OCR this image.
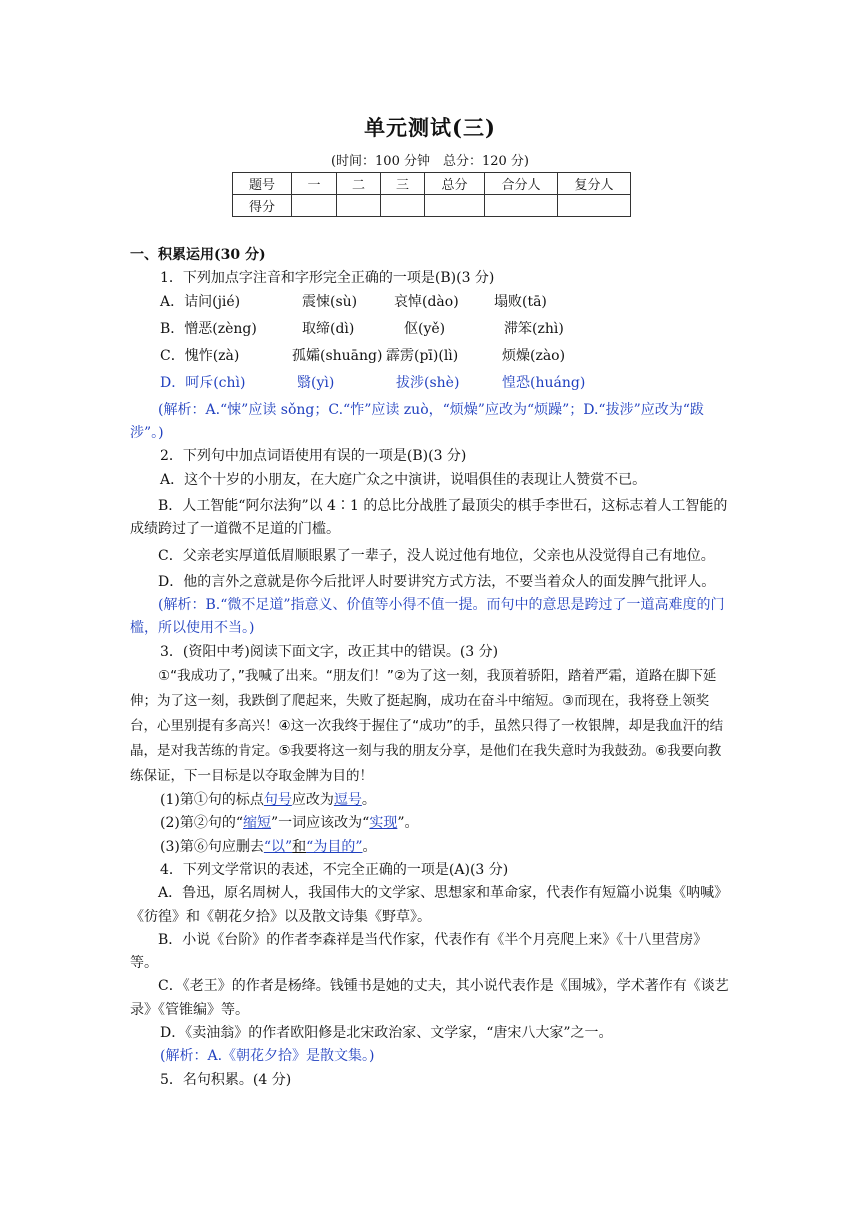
单元测试(三)
(时间：100 分钟　总分：120 分)
题号	一	二	三	总分	合分人	复分人
得分						

一、积累运用(30 分)

1．下列加点字注音和字形完全正确的一项是(B)(3 分)

A．诘问(jié)	震悚(sù)	哀悼(dào)	塌败(tā)
B．憎恶(zèng)	取缔(dì)	伛(yě)	滞笨(zhì)
C．愧怍(zà)	孤孀(shuāng) 霹雳(pī)(lì)	烦燥(zào)
D．呵斥(chì)	翳(yì)	拔涉(shè)	惶恐(huáng)

(解析：A.“悚”应读 sǒng；C.“怍”应读 zuò，“烦燥”应改为“烦躁”；D.“拔涉”应改为“跋涉”。)

2．下列句中加点词语使用有误的一项是(B)(3 分)

A．这个十岁的小朋友，在大庭广众之中演讲，说唱俱佳的表现让人赞赏不已。

B．人工智能“阿尔法狗”以 4∶1 的总比分战胜了最顶尖的棋手李世石，这标志着人工智能的成绩跨过了一道微不足道的门槛。

C．父亲老实厚道低眉顺眼累了一辈子，没人说过他有地位，父亲也从没觉得自己有地位。

D．他的言外之意就是你今后批评人时要讲究方式方法，不要当着众人的面发脾气批评人。

(解析：B.“微不足道”指意义、价值等小得不值一提。而句中的意思是跨过了一道高难度的门槛，所以使用不当。)

3．(资阳中考)阅读下面文字，改正其中的错误。(3 分)

①“我成功了，”我喊了出来。“朋友们！”②为了这一刻，我顶着骄阳，踏着严霜，道路在脚下延伸；为了这一刻，我跌倒了爬起来，失败了挺起胸，成功在奋斗中缩短。③而现在，我将登上领奖台，心里别提有多高兴！④这一次我终于握住了“成功”的手，虽然只得了一枚银牌，却是我血汗的结晶，是对我苦练的肯定。⑤我要将这一刻与我的朋友分享，是他们在我失意时为我鼓劲。⑥我要向教练保证，下一目标是以夺取金牌为目的！

(1)第①句的标点句号应改为逗号。

(2)第②句的“缩短”一词应该改为“实现”。

(3)第⑥句应删去“以”和“为目的”。

4．下列文学常识的表述，不完全正确的一项是(A)(3 分)

A．鲁迅，原名周树人，我国伟大的文学家、思想家和革命家，代表作有短篇小说集《呐喊》《彷徨》和《朝花夕拾》以及散文诗集《野草》。

B．小说《台阶》的作者李森祥是当代作家，代表作有《半个月亮爬上来》《十八里营房》等。

C．《老王》的作者是杨绛。钱锺书是她的丈夫，其小说代表作是《围城》，学术著作有《谈艺录》《管锥编》等。

D．《卖油翁》的作者欧阳修是北宋政治家、文学家，“唐宋八大家”之一。

(解析：A.《朝花夕拾》是散文集。)

5．名句积累。(4 分)
